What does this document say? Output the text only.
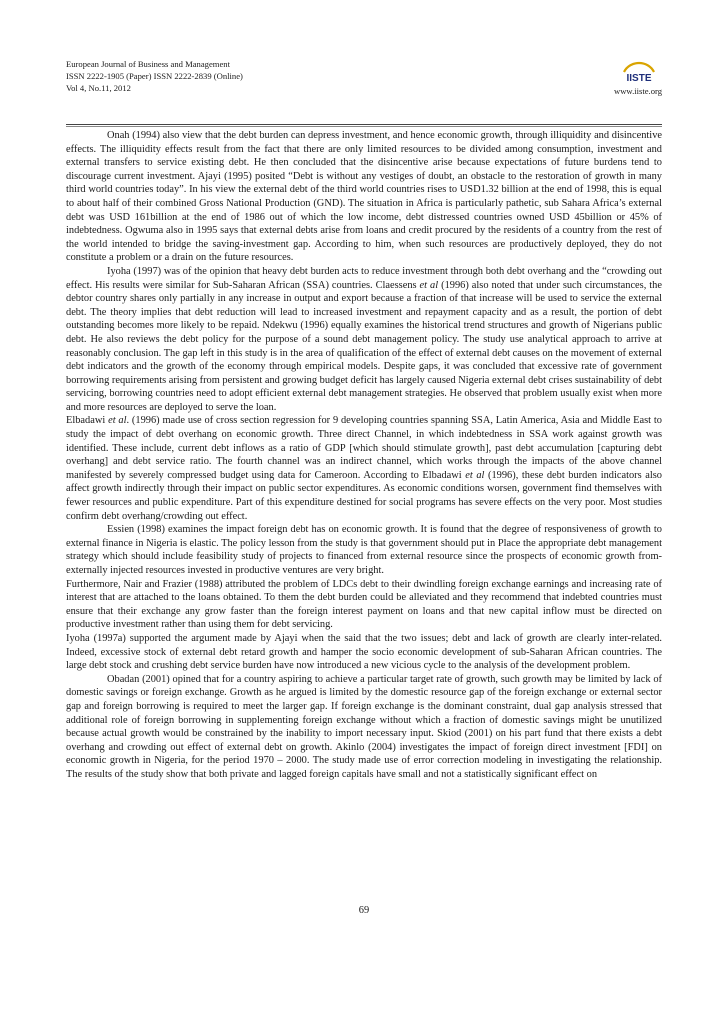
European Journal of Business and Management
ISSN 2222-1905 (Paper) ISSN 2222-2839 (Online)
Vol 4, No.11, 2012
IISTE
www.iiste.org

Onah (1994) also view that the debt burden can depress investment, and hence economic growth, through illiquidity and disincentive effects. The illiquidity effects result from the fact that there are only limited resources to be divided among consumption, investment and external transfers to service existing debt. He then concluded that the disincentive arise because expectations of future burdens tend to discourage current investment. Ajayi (1995) posited “Debt is without any vestiges of doubt, an obstacle to the restoration of growth in many third world countries today”. In his view the external debt of the third world countries rises to USD1.32 billion at the end of 1998, this is equal to about half of their combined Gross National Production (GND). The situation in Africa is particularly pathetic, sub Sahara Africa’s external debt was USD 161billion at the end of 1986 out of which the low income, debt distressed countries owned USD 45billion or 45% of indebtedness. Ogwuma also in 1995 says that external debts arise from loans and credit procured by the residents of a country from the rest of the world intended to bridge the saving-investment gap. According to him, when such resources are productively deployed, they do not constitute a problem or a drain on the future resources.

Iyoha (1997) was of the opinion that heavy debt burden acts to reduce investment through both debt overhang and the “crowding out effect. His results were similar for Sub-Saharan African (SSA) countries. Claessens et al (1996) also noted that under such circumstances, the debtor country shares only partially in any increase in output and export because a fraction of that increase will be used to service the external debt. The theory implies that debt reduction will lead to increased investment and repayment capacity and as a result, the portion of debt outstanding becomes more likely to be repaid. Ndekwu (1996) equally examines the historical trend structures and growth of Nigerians public debt. He also reviews the debt policy for the purpose of a sound debt management policy. The study use analytical approach to arrive at reasonably conclusion. The gap left in this study is in the area of qualification of the effect of external debt causes on the movement of external debt indicators and the growth of the economy through empirical models. Despite gaps, it was concluded that excessive rate of government borrowing requirements arising from persistent and growing budget deficit has largely caused Nigeria external debt crises sustainability of debt servicing, borrowing countries need to adopt efficient external debt management strategies. He observed that problem usually exist when more and more resources are deployed to serve the loan.

Elbadawi et al. (1996) made use of cross section regression for 9 developing countries spanning SSA, Latin America, Asia and Middle East to study the impact of debt overhang on economic growth. Three direct Channel, in which indebtedness in SSA work against growth was identified. These include, current debt inflows as a ratio of GDP [which should stimulate growth], past debt accumulation [capturing debt overhang] and debt service ratio. The fourth channel was an indirect channel, which works through the impacts of the above channel manifested by severely compressed budget using data for Cameroon. According to Elbadawi et al (1996), these debt burden indicators also affect growth indirectly through their impact on public sector expenditures. As economic conditions worsen, government find themselves with fewer resources and public expenditure. Part of this expenditure destined for social programs has severe effects on the very poor. Most studies confirm debt overhang/crowding out effect.

Essien (1998) examines the impact foreign debt has on economic growth. It is found that the degree of responsiveness of growth to external finance in Nigeria is elastic. The policy lesson from the study is that government should put in Place the appropriate debt management strategy which should include feasibility study of projects to financed from external resource since the prospects of economic growth from-externally injected resources invested in productive ventures are very bright.

Furthermore, Nair and Frazier (1988) attributed the problem of LDCs debt to their dwindling foreign exchange earnings and increasing rate of interest that are attached to the loans obtained. To them the debt burden could be alleviated and they recommend that indebted countries must ensure that their exchange any grow faster than the foreign interest payment on loans and that new capital inflow must be directed on productive investment rather than using them for debt servicing.

Iyoha (1997a) supported the argument made by Ajayi when the said that the two issues; debt and lack of growth are clearly inter-related. Indeed, excessive stock of external debt retard growth and hamper the socio economic development of sub-Saharan African countries. The large debt stock and crushing debt service burden have now introduced a new vicious cycle to the analysis of the development problem.

Obadan (2001) opined that for a country aspiring to achieve a particular target rate of growth, such growth may be limited by lack of domestic savings or foreign exchange. Growth as he argued is limited by the domestic resource gap of the foreign exchange or external sector gap and foreign borrowing is required to meet the larger gap. If foreign exchange is the dominant constraint, dual gap analysis stressed that additional role of foreign borrowing in supplementing foreign exchange without which a fraction of domestic savings might be unutilized because actual growth would be constrained by the inability to import necessary input. Skiod (2001) on his part fund that there exists a debt overhang and crowding out effect of external debt on growth. Akinlo (2004) investigates the impact of foreign direct investment [FDI] on economic growth in Nigeria, for the period 1970 – 2000. The study made use of error correction modeling in investigating the relationship. The results of the study show that both private and lagged foreign capitals have small and not a statistically significant effect on

69
